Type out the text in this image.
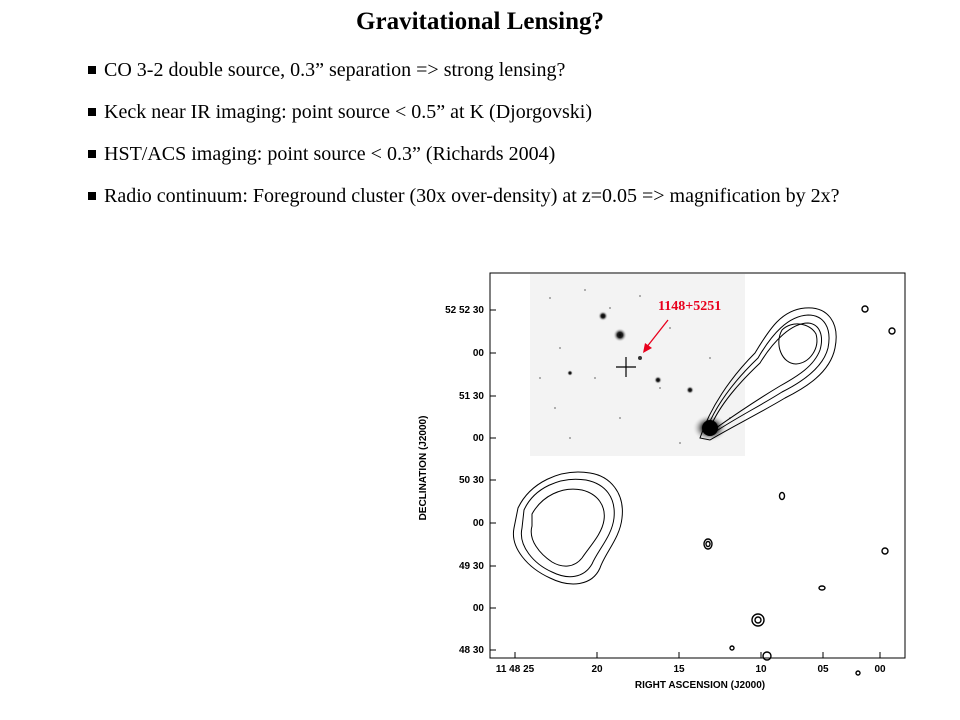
Gravitational Lensing?
CO 3-2 double source, 0.3” separation => strong lensing?
Keck near IR imaging: point source < 0.5” at K (Djorgovski)
HST/ACS imaging: point source < 0.3” (Richards 2004)
Radio continuum: Foreground cluster (30x over-density) at z=0.05 => magnification by 2x?
1148+5251
52 52 30
00
51 30
00
50 30
00
49 30
00
48 30
11 48 25	20	15	10	05	00
RIGHT ASCENSION (J2000)
DECLINATION (J2000)
